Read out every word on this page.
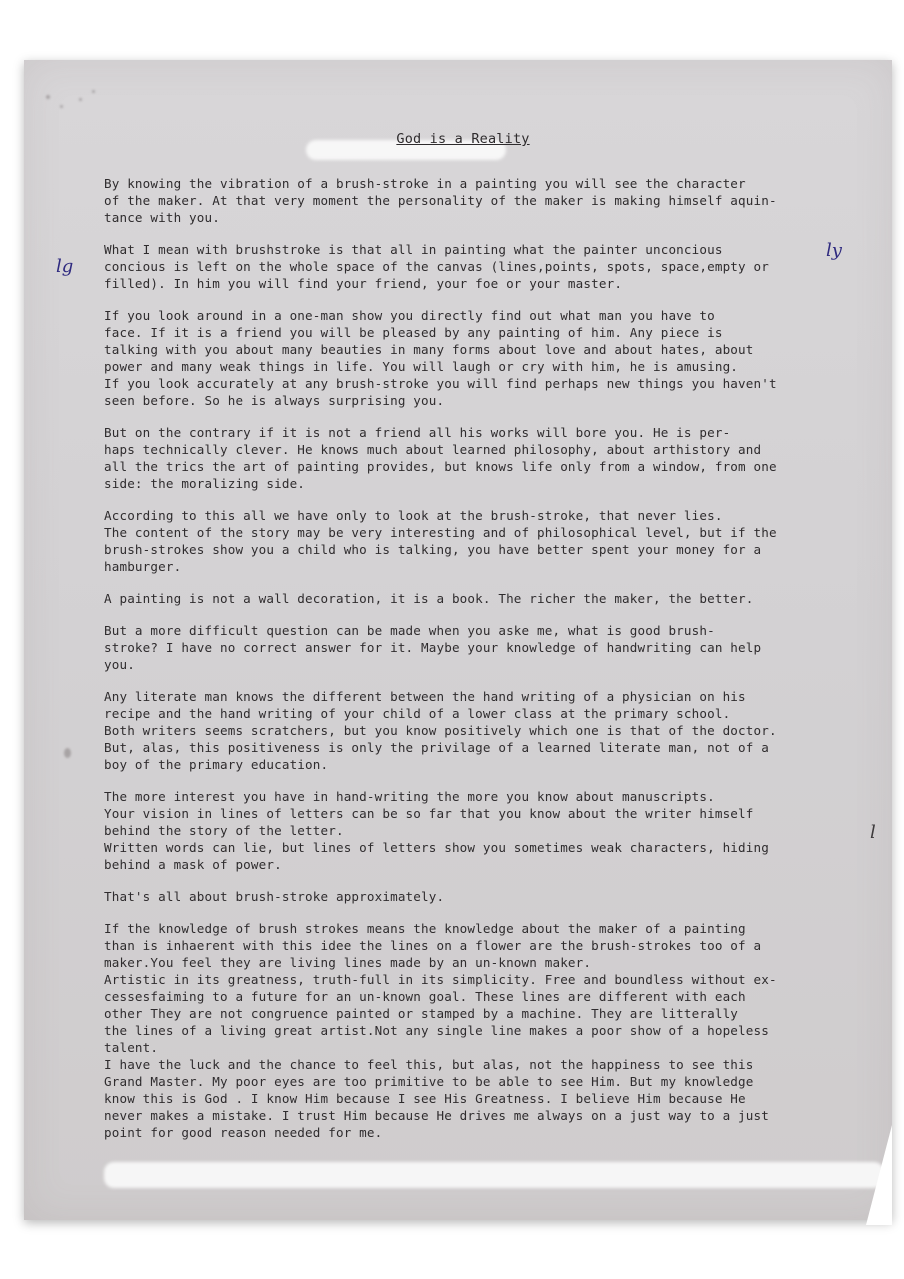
God is a Reality

By knowing the vibration of a brush-stroke in a painting you will see the character
of the maker. At that very moment the personality of the maker is making himself aquin-
tance with you.

What I mean with brushstroke is that all in painting what the painter unconcious
concious is left on the whole space of the canvas (lines,points, spots, space,empty or
filled). In him you will find your friend, your foe or your master.

If you look around in a one-man show you directly find out what man you have to
face. If it is a friend you will be pleased by any painting of him. Any piece is
talking with you about many beauties in many forms about love and about hates, about
power and many weak things in life. You will laugh or cry with him, he is amusing.
If you look accurately at any brush-stroke you will find perhaps new things you haven't
seen before. So he is always surprising you.

But on the contrary if it is not a friend all his works will bore you. He is per-
haps technically clever. He knows much about learned philosophy, about arthistory and
all the trics the art of painting provides, but knows life only from a window, from one
side: the moralizing side.

According to this all we have only to look at the brush-stroke, that never lies.
The content of the story may be very interesting and of philosophical level, but if the
brush-strokes show you a child who is talking, you have better spent your money for a
hamburger.

A painting is not a wall decoration, it is a book. The richer the maker, the better.

But a more difficult question can be made when you aske me, what is good brush-
stroke? I have no correct answer for it. Maybe your knowledge of handwriting can help
you.

Any literate man knows the different between the hand writing of a physician on his
recipe and the hand writing of your child of a lower class at the primary school.
Both writers seems scratchers, but you know positively which one is that of the doctor.
But, alas, this positiveness is only the privilage of a learned literate man, not of a
boy of the primary education.

The more interest you have in hand-writing the more you know about manuscripts.
Your vision in lines of letters can be so far that you know about the writer himself
behind the story of the letter.
Written words can lie, but lines of letters show you sometimes weak characters, hiding
behind a mask of power.

That's all about brush-stroke approximately.

If the knowledge of brush strokes means the knowledge about the maker of a painting
than is inhaerent with this idee the lines on a flower are the brush-strokes too of a
maker.You feel they are living lines made by an un-known maker.
Artistic in its greatness, truth-full in its simplicity. Free and boundless without ex-
cessesfaiming to a future for an un-known goal. These lines are different with each
other They are not congruence painted or stamped by a machine. They are litterally
the lines of a living great artist.Not any single line makes a poor show of a hopeless
talent.
I have the luck and the chance to feel this, but alas, not the happiness to see this
Grand Master. My poor eyes are too primitive to be able to see Him. But my knowledge
know this is God . I know Him because I see His Greatness. I believe Him because He
never makes a mistake. I trust Him because He drives me always on a just way to a just
point for good reason needed for me.

lg
ly
l
